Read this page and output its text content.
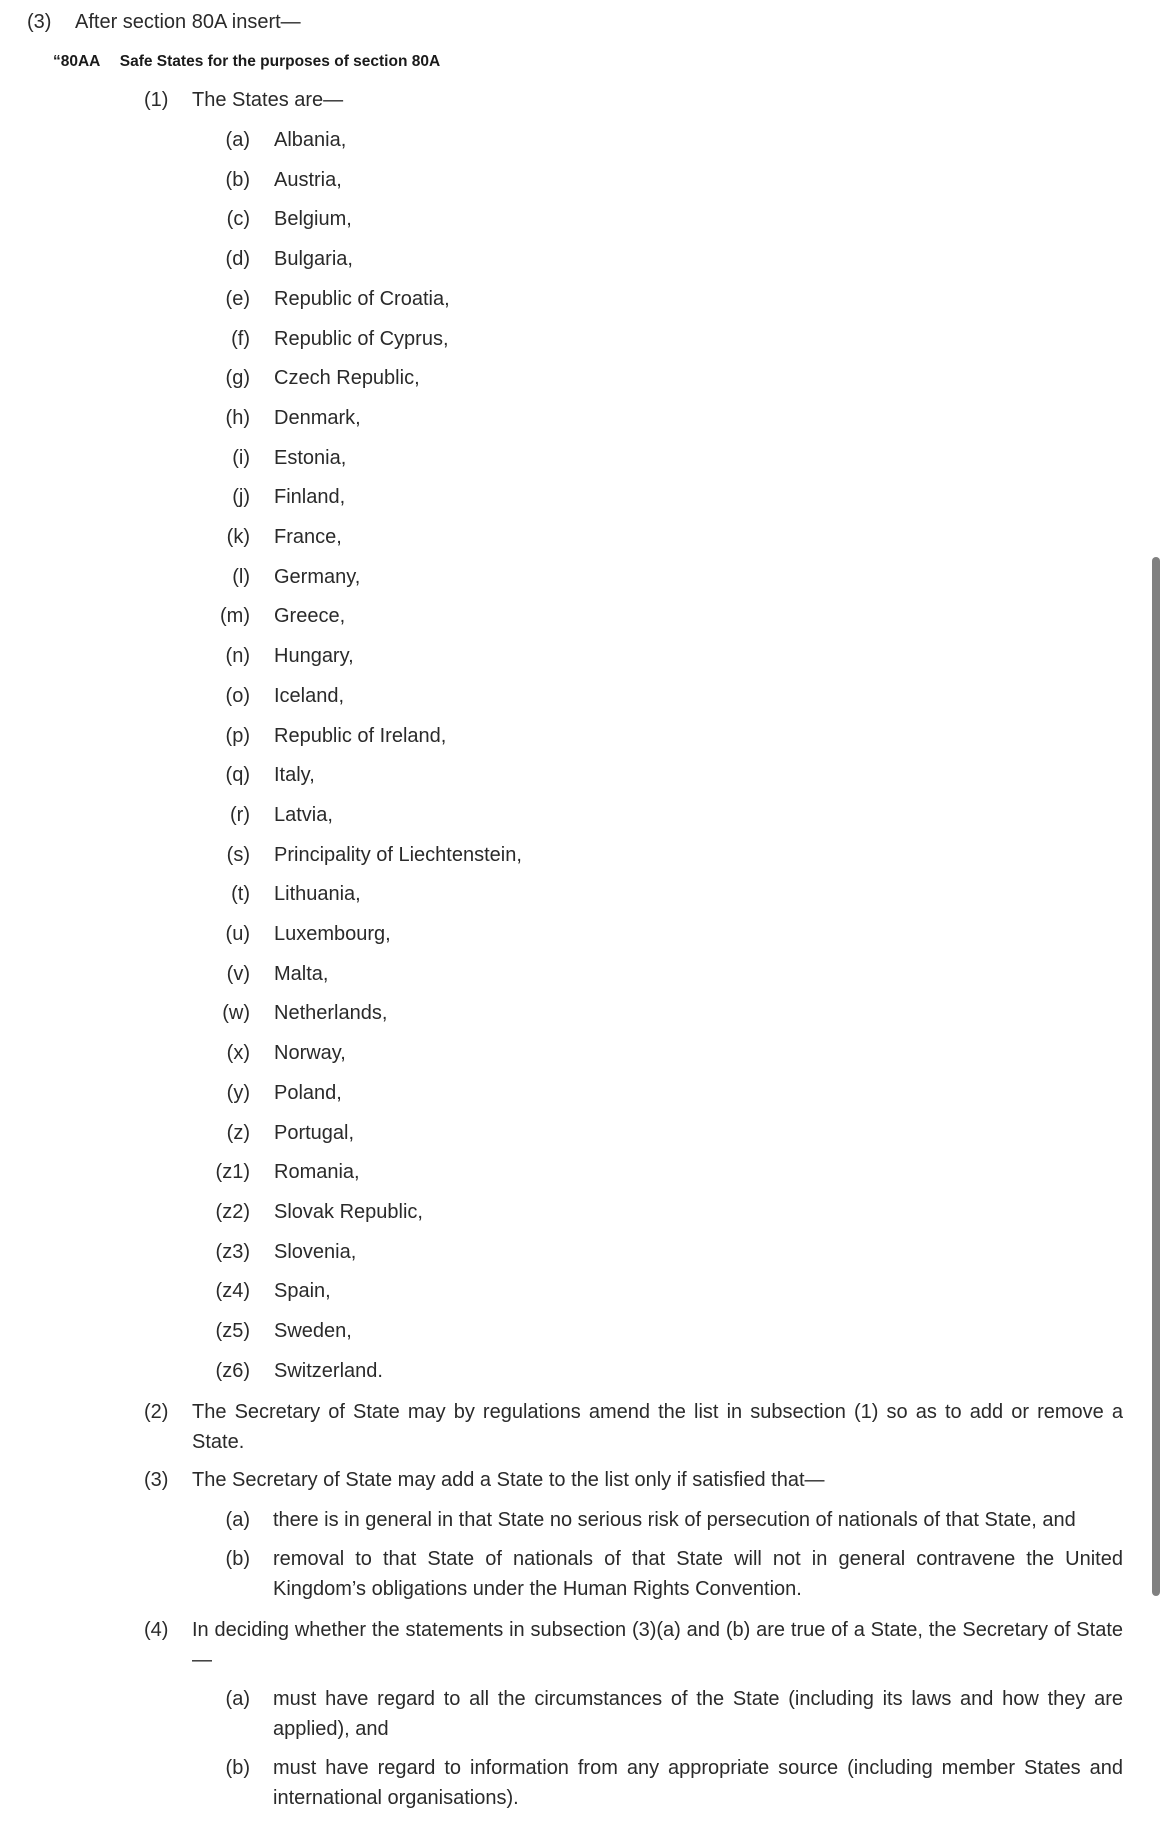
(3) After section 80A insert—
“80AA Safe States for the purposes of section 80A
(1) The States are—
(a) Albania,
(b) Austria,
(c) Belgium,
(d) Bulgaria,
(e) Republic of Croatia,
(f) Republic of Cyprus,
(g) Czech Republic,
(h) Denmark,
(i) Estonia,
(j) Finland,
(k) France,
(l) Germany,
(m) Greece,
(n) Hungary,
(o) Iceland,
(p) Republic of Ireland,
(q) Italy,
(r) Latvia,
(s) Principality of Liechtenstein,
(t) Lithuania,
(u) Luxembourg,
(v) Malta,
(w) Netherlands,
(x) Norway,
(y) Poland,
(z) Portugal,
(z1) Romania,
(z2) Slovak Republic,
(z3) Slovenia,
(z4) Spain,
(z5) Sweden,
(z6) Switzerland.
(2) The Secretary of State may by regulations amend the list in subsection (1) so as to add or remove a State.
(3) The Secretary of State may add a State to the list only if satisfied that—
(a) there is in general in that State no serious risk of persecution of nationals of that State, and
(b) removal to that State of nationals of that State will not in general contravene the United Kingdom’s obligations under the Human Rights Convention.
(4) In deciding whether the statements in subsection (3)(a) and (b) are true of a State, the Secretary of State
—
(a) must have regard to all the circumstances of the State (including its laws and how they are applied), and
(b) must have regard to information from any appropriate source (including member States and international organisations).
